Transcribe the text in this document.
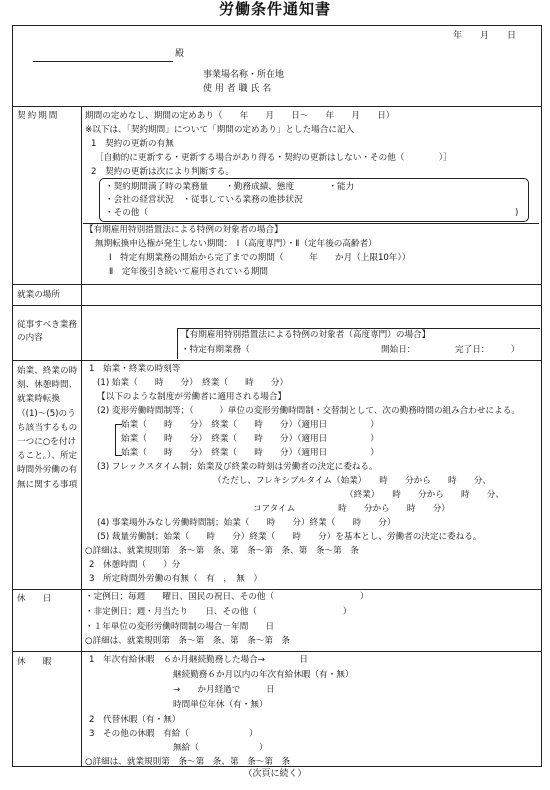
労働条件通知書
年　　月　　日
殿
事業場名称・所在地
使 用 者 職 氏 名
契約期間	期間の定めなし、期間の定めあり（　　年　　月　　日～　　年　　月　　日）
※以下は、「契約期間」について「期間の定めあり」とした場合に記入
1　契約の更新の有無
［自動的に更新する・更新する場合があり得る・契約の更新はしない・その他（　　　　）］
2　契約の更新は次により判断する。
・契約期間満了時の業務量　　・勤務成績、態度　　　　・能力
・会社の経営状況　・従事している業務の進捗状況
・その他（	)
【有期雇用特別措置法による特例の対象者の場合】
無期転換申込権が発生しない期間：　Ⅰ（高度専門）・Ⅱ（定年後の高齢者）
Ⅰ　特定有期業務の開始から完了までの期間（　　　年　　か月（上限10年））
Ⅱ　定年後引き続いて雇用されている期間
就業の場所
従事すべき業務の内容	【有期雇用特別措置法による特例の対象者（高度専門）の場合】
・特定有期業務（	開始日：	完了日：　　　）
始業、終業の時刻、休憩時間、就業時転換（(1)～(5)のうち該当するもの一つに○を付けること。）、所定時間外労働の有無に関する事項
1　始業・終業の時刻等
(1) 始業（　　時　　分）　終業（　　時　　分）
【以下のような制度が労働者に適用される場合】
(2) 変形労働時間制等；（　　　）単位の変形労働時間制・交替制として、次の勤務時間の組み合わせによる。
始業（　　時　　分）　終業（　　時　　分）（適用日　　　　　）
始業（　　時　　分）　終業（　　時　　分）（適用日　　　　　）
始業（　　時　　分）　終業（　　時　　分）（適用日　　　　　）
(3) フレックスタイム制；始業及び終業の時刻は労働者の決定に委ねる。
（ただし、フレキシブルタイム（始業）　　時　　分から　　時　　分、
（終業）　　時　　分から　　時　　分、
コアタイム　　　　　時　　分から　　時　　分）
(4) 事業場外みなし労働時間制；始業（　　時　　分）終業（　　時　　分）
(5) 裁量労働制；始業（　　時　　分）終業（　　時　　分）を基本とし、労働者の決定に委ねる。
○詳細は、就業規則第　条～第　条、第　条～第　条、第　条～第　条
2　休憩時間（　　）分
3　所定時間外労働の有無（　有　，　無　）
休　　日	・定例日；毎週　　曜日、国民の祝日、その他（　　　　　　　　　　）
・非定例日；週・月当たり　　日、その他（　　　　　　　　　　）
・１年単位の変形労働時間制の場合－年間　　日
○詳細は、就業規則第　条～第　条、第　条～第　条
休　　暇	1　年次有給休暇　６か月継続勤務した場合→　　　　日
継続勤務６か月以内の年次有給休暇（有・無）
→　　か月経過で　　　日
時間単位年休（有・無）
2　代替休暇（有・無）
3　その他の休暇　有給（　　　　　　　）
無給（　　　　　　　）
○詳細は、就業規則第　条～第　条、第　条～第　条
（次頁に続く）
